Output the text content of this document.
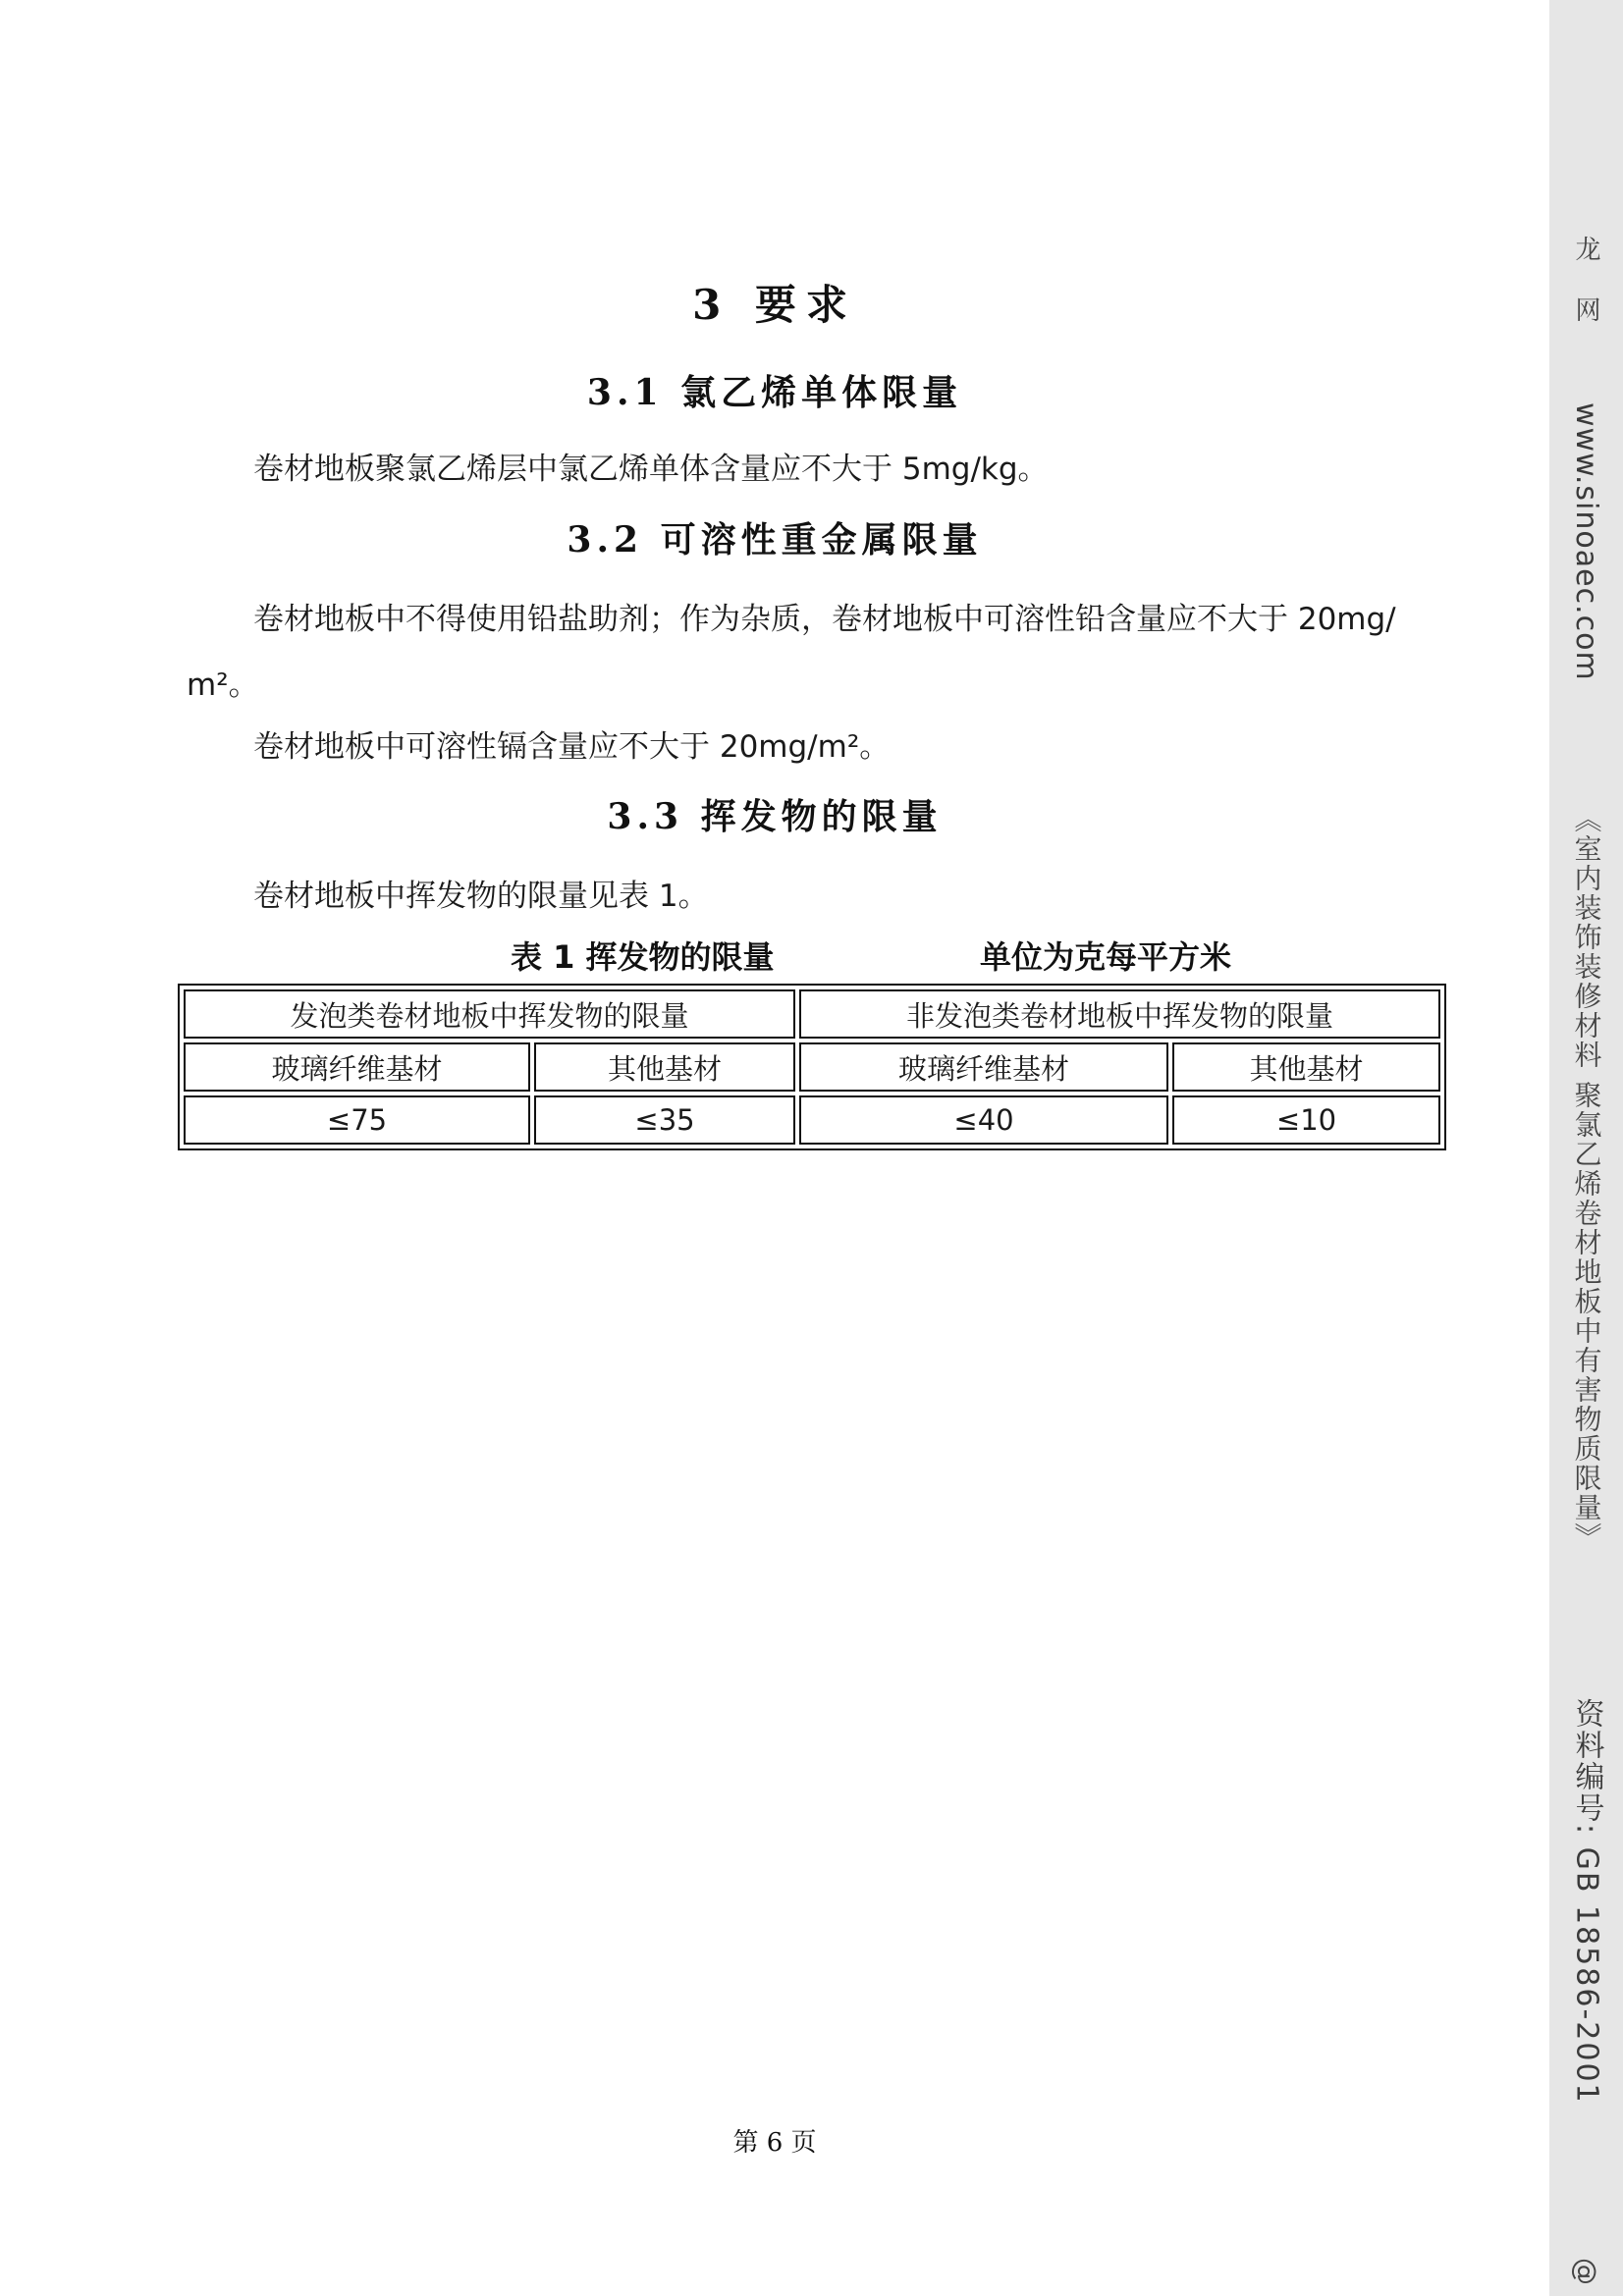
3 要求
3.1 氯乙烯单体限量
卷材地板聚氯乙烯层中氯乙烯单体含量应不大于 5mg/kg。
3.2 可溶性重金属限量
卷材地板中不得使用铅盐助剂；作为杂质，卷材地板中可溶性铅含量应不大于 20mg/
m²。
卷材地板中可溶性镉含量应不大于 20mg/m²。
3.3 挥发物的限量
卷材地板中挥发物的限量见表 1。
表 1 挥发物的限量	单位为克每平方米
发泡类卷材地板中挥发物的限量	非发泡类卷材地板中挥发物的限量
玻璃纤维基材	其他基材	玻璃纤维基材	其他基材
≤75	≤35	≤40	≤10
第 6 页
龙 网
www.sinoaec.com
《室内装饰装修材料 聚氯乙烯卷材地板中有害物质限量》
资料编号: GB 18586-2001
@
